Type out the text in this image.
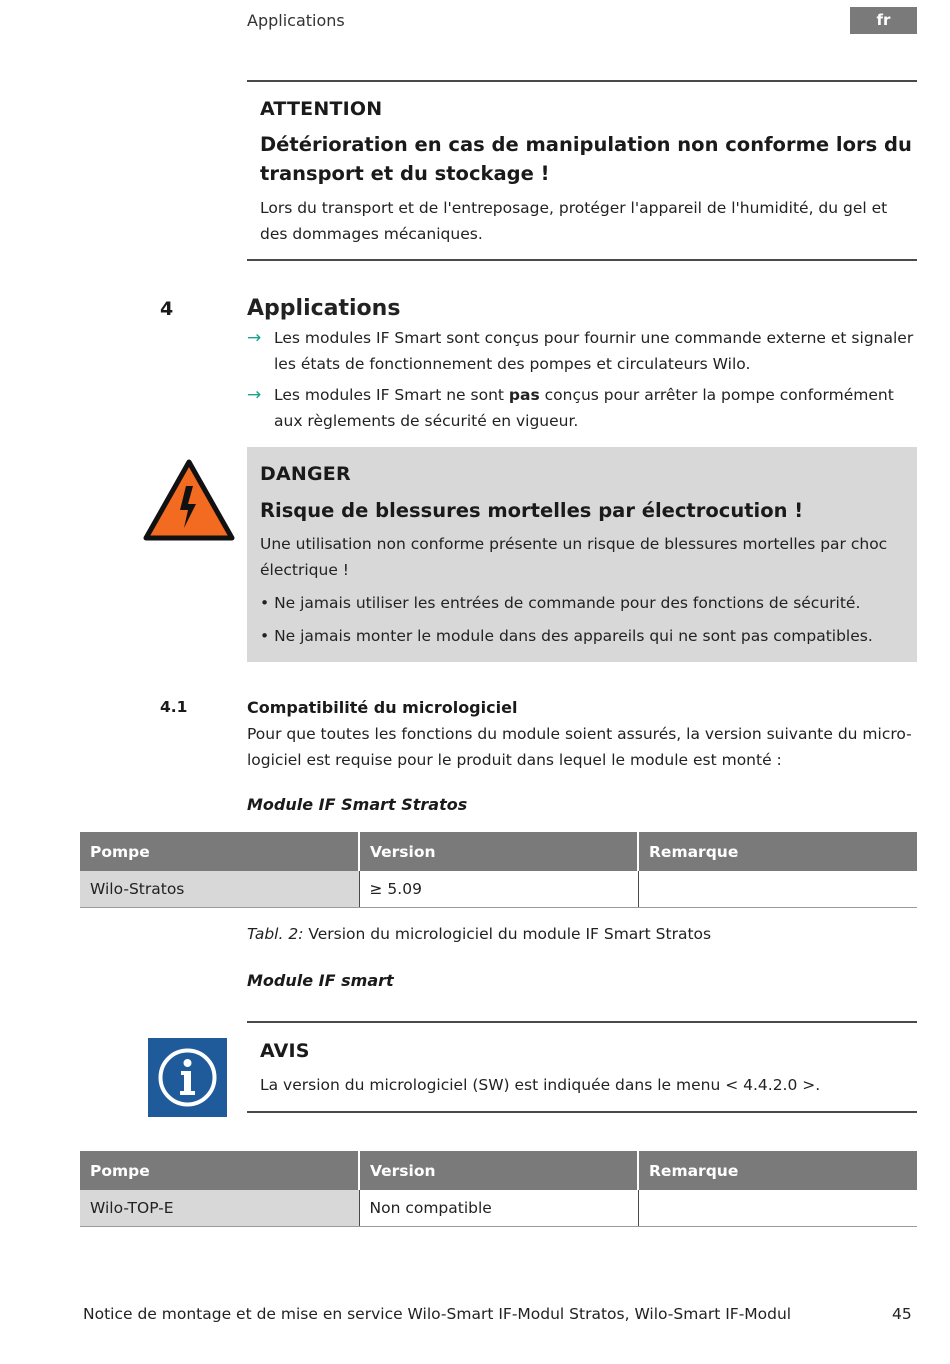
Applications	fr
ATTENTION
Détérioration en cas de manipulation non conforme lors du
transport et du stockage !
Lors du transport et de l'entreposage, protéger l'appareil de l'humidité, du gel et
des dommages mécaniques.
4	Applications
→ Les modules IF Smart sont conçus pour fournir une commande externe et signaler
les états de fonctionnement des pompes et circulateurs Wilo.
→ Les modules IF Smart ne sont pas conçus pour arrêter la pompe conformément
aux règlements de sécurité en vigueur.
DANGER
Risque de blessures mortelles par électrocution !
Une utilisation non conforme présente un risque de blessures mortelles par choc
électrique !
• Ne jamais utiliser les entrées de commande pour des fonctions de sécurité.
• Ne jamais monter le module dans des appareils qui ne sont pas compatibles.
4.1	Compatibilité du micrologiciel
Pour que toutes les fonctions du module soient assurés, la version suivante du micro-
logiciel est requise pour le produit dans lequel le module est monté :
Module IF Smart Stratos
Pompe	Version	Remarque
Wilo-Stratos	≥ 5.09	
Tabl. 2: Version du micrologiciel du module IF Smart Stratos
Module IF smart
AVIS
La version du micrologiciel (SW) est indiquée dans le menu < 4.4.2.0 >.
Pompe	Version	Remarque
Wilo-TOP-E	Non compatible	
Notice de montage et de mise en service Wilo-Smart IF-Modul Stratos, Wilo-Smart IF-Modul	45
